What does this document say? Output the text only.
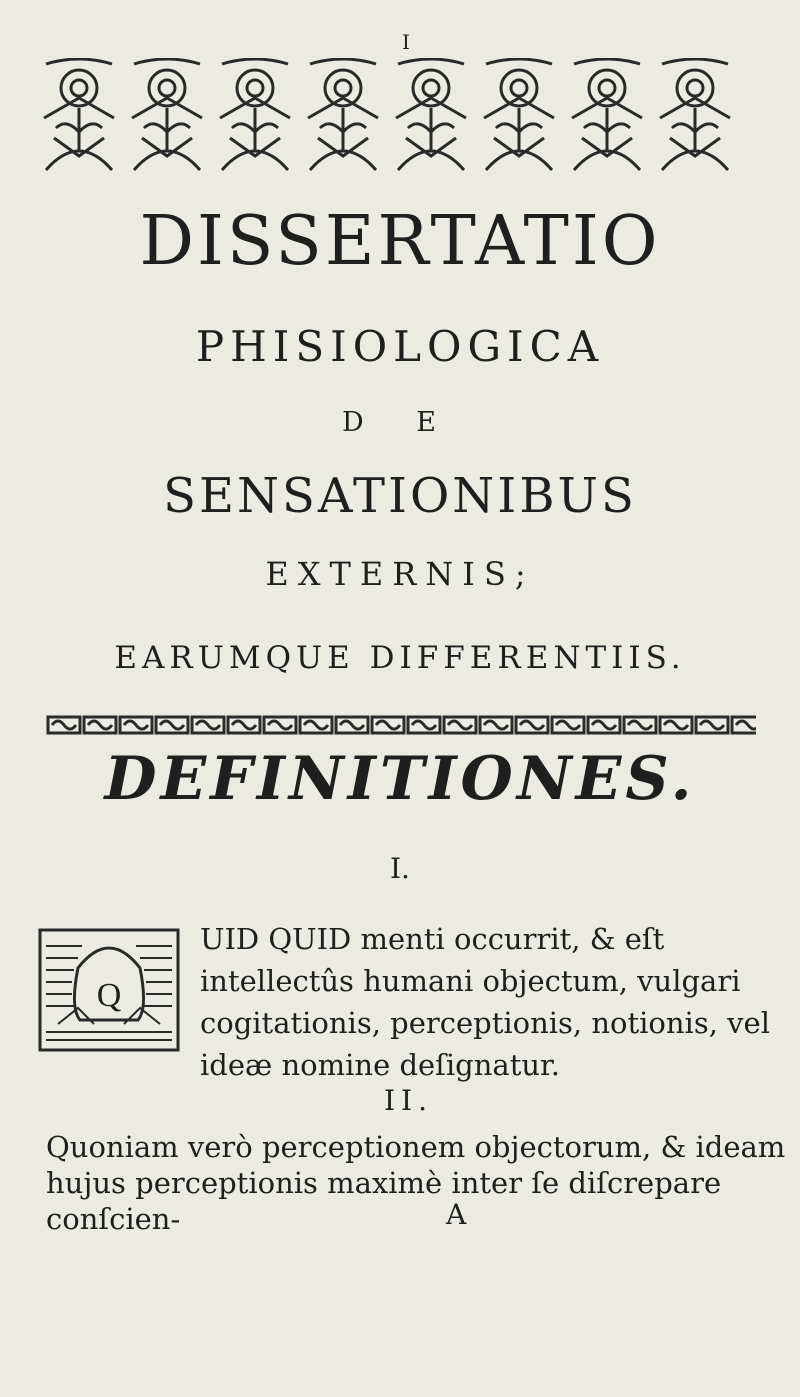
I
DISSERTATIO
PHISIOLOGICA
D E
SENSATIONIBUS
EXTERNIS;
EARUMQUE DIFFERENTIIS.
DEFINITIONES.
I.
Q
UID QUID menti occurrit, & eſt intellectûs humani objectum, vulgari cogitationis, perceptionis, notionis, vel ideæ nomine deſignatur.
II.
Quoniam verò perceptionem objectorum, & ideam hujus perceptionis maximè inter ſe diſcrepare conſcien-	A
